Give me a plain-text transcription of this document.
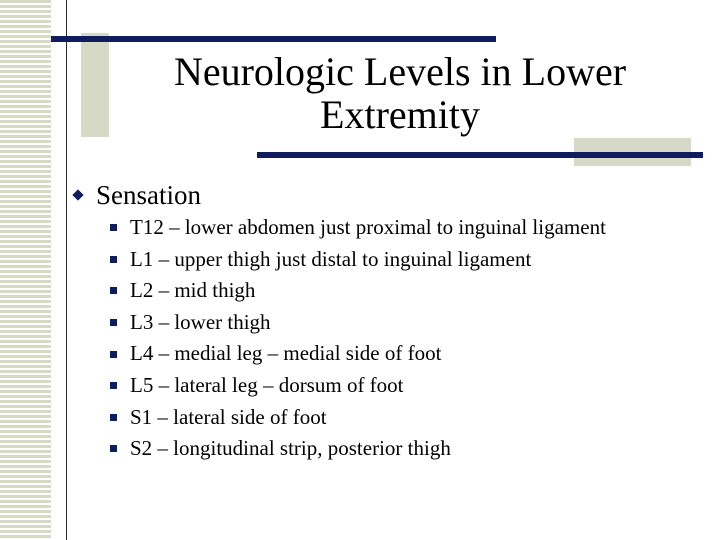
Neurologic Levels in Lower Extremity
Sensation
T12 – lower abdomen just proximal to inguinal ligament
L1 – upper thigh just distal to inguinal ligament
L2 – mid thigh
L3 – lower thigh
L4 – medial leg – medial side of foot
L5 – lateral leg – dorsum of foot
S1 – lateral side of foot
S2 – longitudinal strip, posterior thigh
